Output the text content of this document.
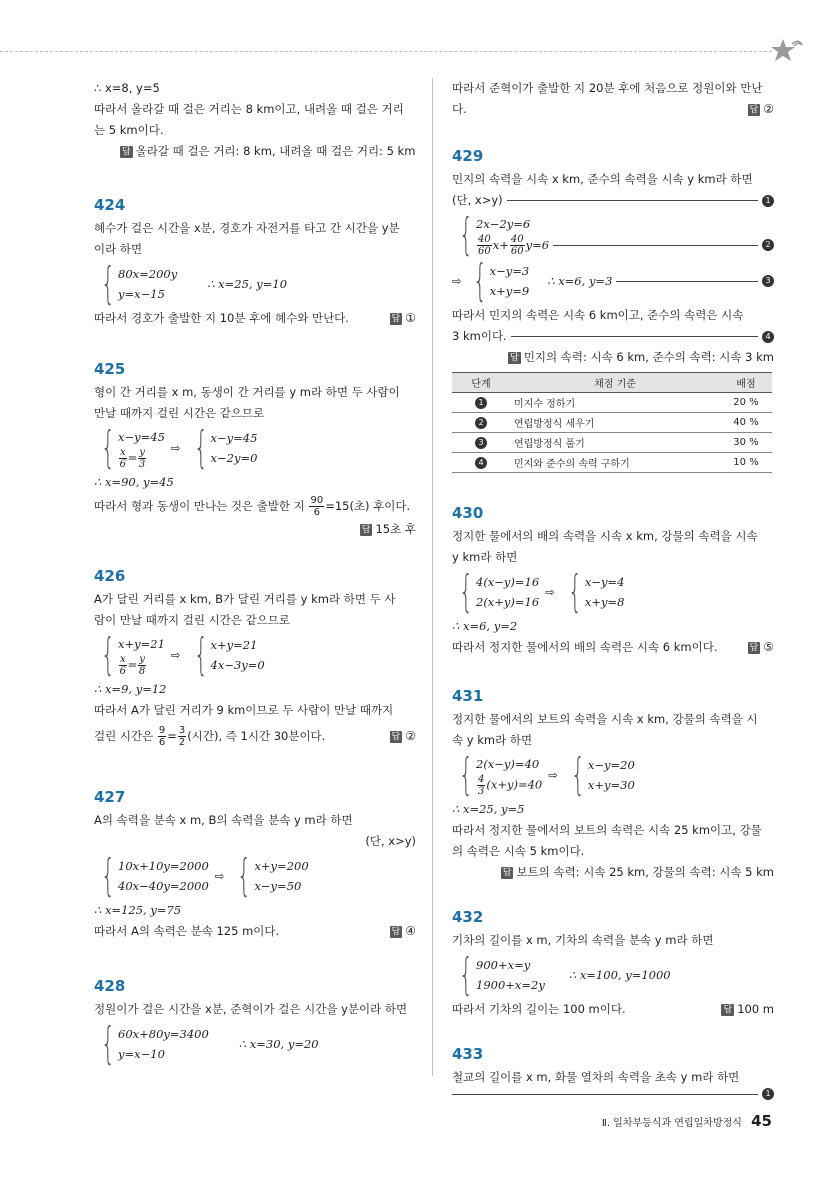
∴ x=8, y=5
따라서 올라갈 때 걸은 거리는 8 km이고, 내려올 때 걸은 거리
는 5 km이다.
답 올라갈 때 걸은 거리: 8 km, 내려올 때 걸은 거리: 5 km
424
혜수가 걸은 시간을 x분, 경호가 자전거를 타고 간 시간을 y분
이라 하면
{ 80x=200y
y=x−15
∴ x=25, y=10
따라서 경호가 출발한 지 10분 후에 혜수와 만난다.	답 ①
425
형이 간 거리를 x m, 동생이 간 거리를 y m라 하면 두 사람이
만날 때까지 걸린 시간은 같으므로
{ x−y=45
$\frac{x}{6} = \frac{y}{3}$ ⇨ { x−y=45
x−2y=0
∴ x=90, y=45
따라서 형과 동생이 만나는 것은 출발한 지 $\frac{90}{6} =15$(초) 후이다.
답 15초 후
426
A가 달린 거리를 x km, B가 달린 거리를 y km라 하면 두 사
람이 만날 때까지 걸린 시간은 같으므로
{ x+y=21
$\frac{x}{6} = \frac{y}{8}$ ⇨ { x+y=21
4x−3y=0
∴ x=9, y=12
따라서 A가 달린 거리가 9 km이므로 두 사람이 만날 때까지
걸린 시간은 $\frac{9}{6} = \frac{3}{2}$ (시간), 즉 1시간 30분이다.	답 ②
427
A의 속력을 분속 x m, B의 속력을 분속 y m라 하면
(단, x>y)
{ 10x+10y=2000
40x−40y=2000
⇨ { x+y=200
x−y=50
∴ x=125, y=75
따라서 A의 속력은 분속 125 m이다.	답 ④
428
정원이가 걸은 시간을 x분, 준혁이가 걸은 시간을 y분이라 하면
{ 60x+80y=3400
y=x−10
∴ x=30, y=20
따라서 준혁이가 출발한 지 20분 후에 처음으로 정원이와 만난
다.	답 ②
429
민지의 속력을 시속 x km, 준수의 속력을 시속 y km라 하면
(단, x>y)	1
{ 2x−2y=6
$\frac{40}{60} x+ \frac{40}{60} y=6$	2
⇨ { x−y=3
x+y=9
∴ x=6, y=3	3
따라서 민지의 속력은 시속 6 km이고, 준수의 속력은 시속
3 km이다.	4
답 민지의 속력: 시속 6 km, 준수의 속력: 시속 3 km
단계	채점 기준	배점
1	미지수 정하기	20 %
2	연립방정식 세우기	40 %
3	연립방정식 풀기	30 %
4	민지와 준수의 속력 구하기	10 %
430
정지한 물에서의 배의 속력을 시속 x km, 강물의 속력을 시속
y km라 하면
{ 4(x−y)=16
2(x+y)=16
⇨ { x−y=4
x+y=8
∴ x=6, y=2
따라서 정지한 물에서의 배의 속력은 시속 6 km이다.	답 ⑤
431
정지한 물에서의 보트의 속력을 시속 x km, 강물의 속력을 시
속 y km라 하면
{ 2(x−y)=40
$\frac{4}{3} (x+y)=40$
⇨ { x−y=20
x+y=30
∴ x=25, y=5
따라서 정지한 물에서의 보트의 속력은 시속 25 km이고, 강물
의 속력은 시속 5 km이다.
답 보트의 속력: 시속 25 km, 강물의 속력: 시속 5 km
432
기차의 길이를 x m, 기차의 속력을 분속 y m라 하면
{ 900+x=y
1900+x=2y
∴ x=100, y=1000
따라서 기차의 길이는 100 m이다.	답 100 m
433
철교의 길이를 x m, 화물 열차의 속력을 초속 y m라 하면
1
Ⅱ. 일차부등식과 연립일차방정식 45
